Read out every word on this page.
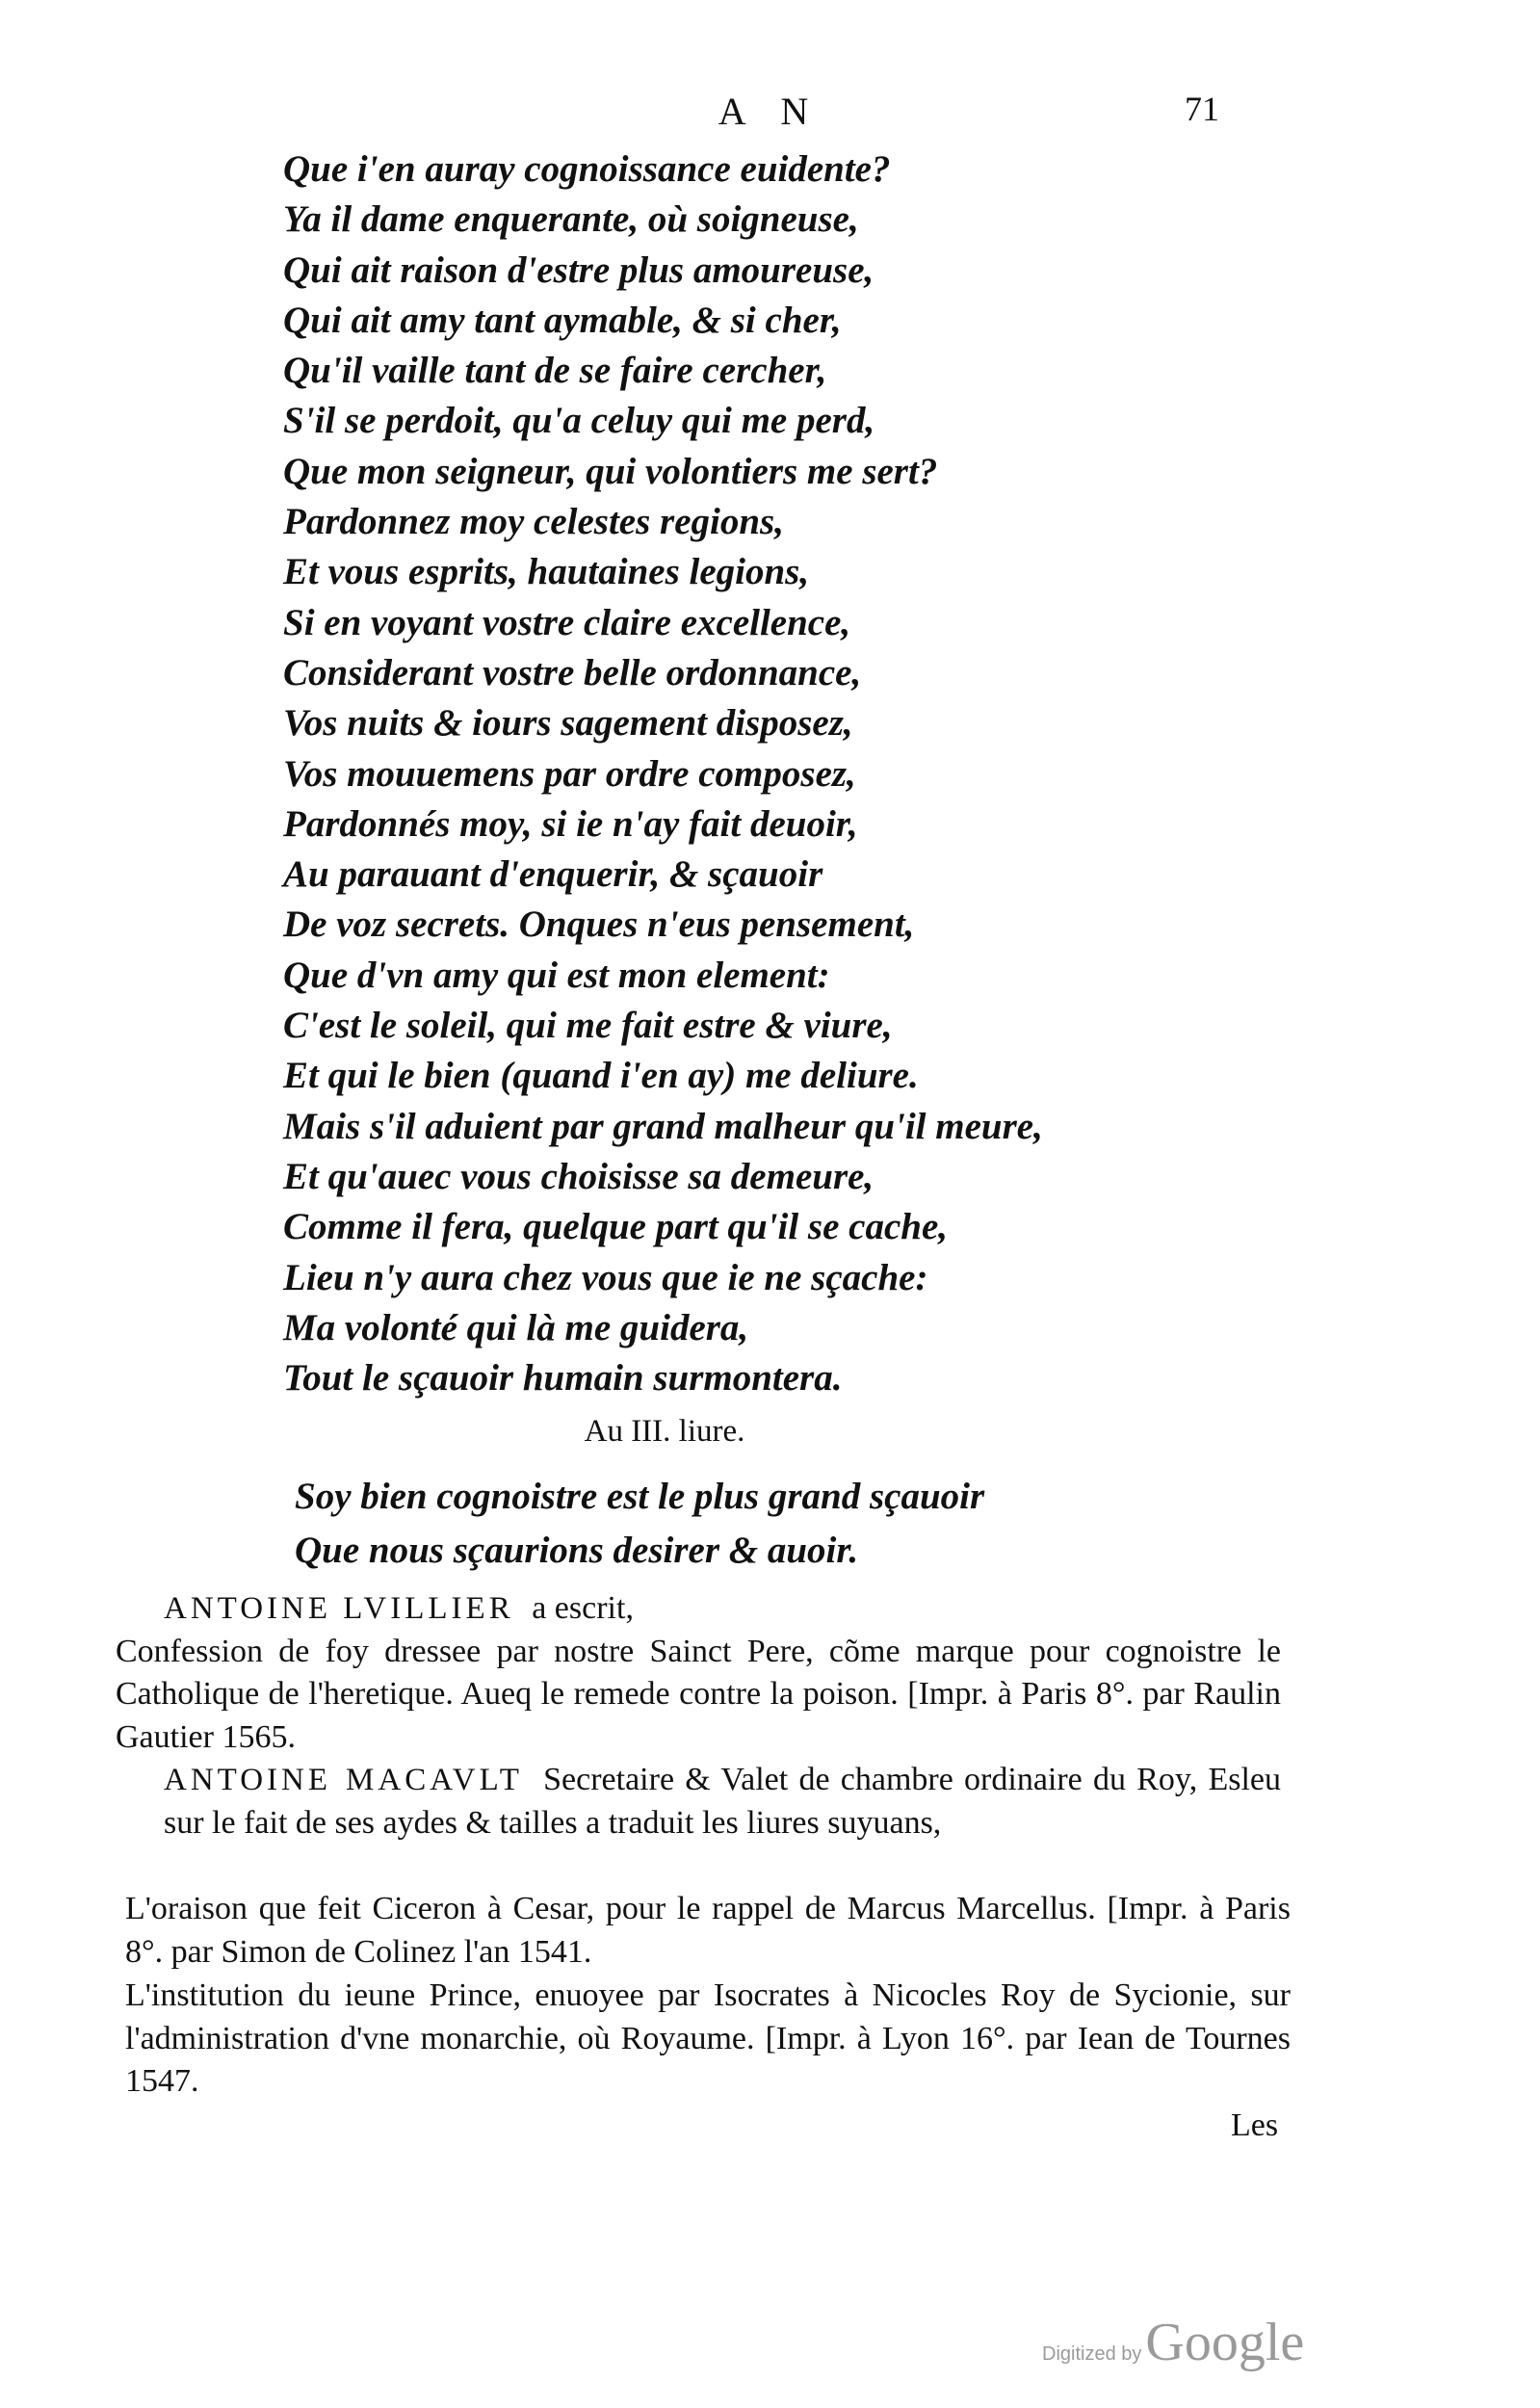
A N	71
Que i'en auray cognoissance euidente?
Ya il dame enquerante, où soigneuse,
Qui ait raison d'estre plus amoureuse,
Qui ait amy tant aymable, & si cher,
Qu'il vaille tant de se faire cercher,
S'il se perdoit, qu'a celuy qui me perd,
Que mon seigneur, qui volontiers me sert?
Pardonnez moy celestes regions,
Et vous esprits, hautaines legions,
Si en voyant vostre claire excellence,
Considerant vostre belle ordonnance,
Vos nuits & iours sagement disposez,
Vos mouuemens par ordre composez,
Pardonnés moy, si ie n'ay fait deuoir,
Au parauant d'enquerir, & sçauoir
De voz secrets. Onques n'eus pensement,
Que d'vn amy qui est mon element:
C'est le soleil, qui me fait estre & viure,
Et qui le bien (quand i'en ay) me deliure.
Mais s'il aduient par grand malheur qu'il meure,
Et qu'auec vous choisisse sa demeure,
Comme il fera, quelque part qu'il se cache,
Lieu n'y aura chez vous que ie ne sçache:
Ma volonté qui là me guidera,
Tout le sçauoir humain surmontera.
Au III. liure.
Soy bien cognoistre est le plus grand sçauoir
Que nous sçaurions desirer & auoir.
ANTOINE LVILLIER a escrit,
Confession de foy dressee par nostre Sainct Pere, cõme marque pour cognoistre le Catholique de l'heretique. Aueq le remede contre la poison. [Impr. à Paris 8°. par Raulin Gautier 1565.
ANTOINE MACAVLT Secretaire & Valet de chambre ordinaire du Roy, Esleu sur le fait de ses aydes & tailles a traduit les liures suyuans,
L'oraison que feit Ciceron à Cesar, pour le rappel de Marcus Marcellus. [Impr. à Paris 8°. par Simon de Colinez l'an 1541.
L'institution du ieune Prince, enuoyee par Isocrates à Nicocles Roy de Sycionie, sur l'administration d'vne monarchie, où Royaume. [Impr. à Lyon 16°. par Iean de Tournes 1547.
Les
Digitized by Google
